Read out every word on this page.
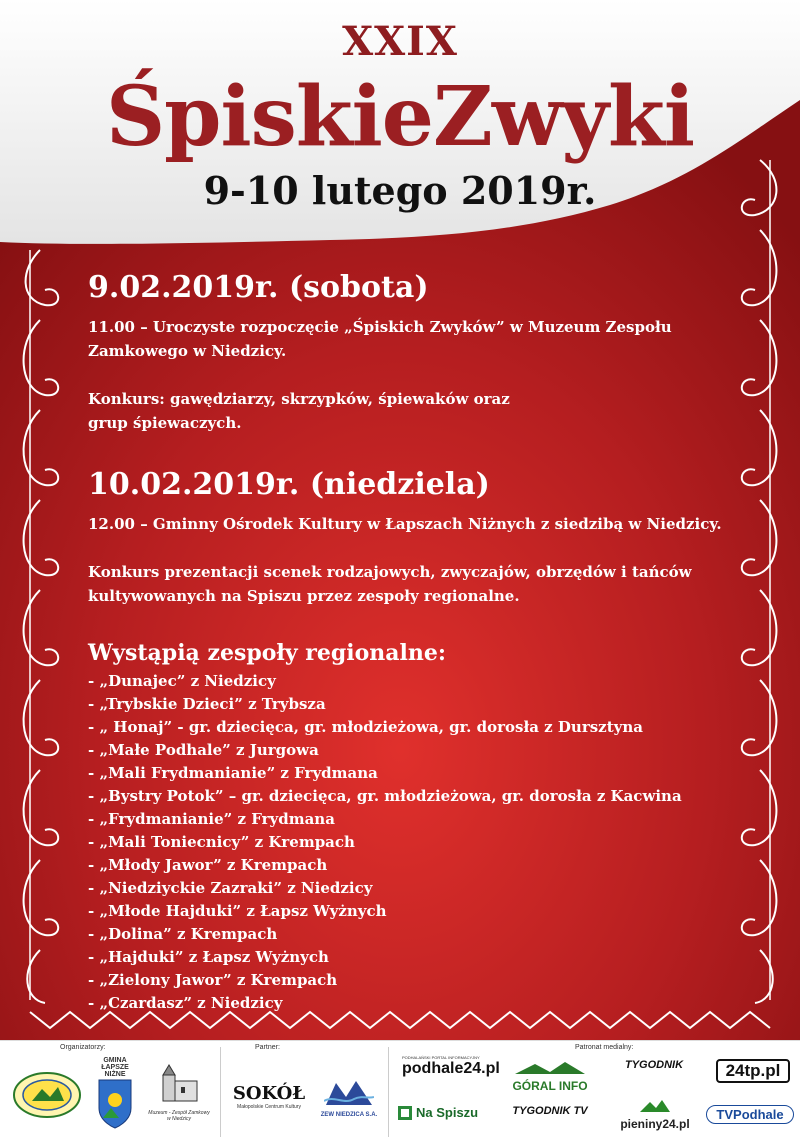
XXIX
ŚpiskieZwyki
9-10 lutego 2019r.
9.02.2019r. (sobota)

11.00 – Uroczyste rozpoczęcie „Śpiskich Zwyków” w Muzeum Zespołu

Zamkowego w Niedzicy.

Konkurs: gawędziarzy, skrzypków, śpiewaków oraz

grup śpiewaczych.

10.02.2019r. (niedziela)

12.00 – Gminny Ośrodek Kultury w Łapszach Niżnych z siedzibą w Niedzicy.

Konkurs prezentacji scenek rodzajowych, zwyczajów, obrzędów i tańców

kultywowanych na Spiszu przez zespoły regionalne.

Wystąpią zespoły regionalne:
- „Dunajec” z Niedzicy
- „Trybskie Dzieci” z Trybsza
- „ Honaj” - gr. dziecięca, gr. młodzieżowa, gr. dorosła z Dursztyna
- „Małe Podhale” z Jurgowa
- „Mali Frydmanianie” z Frydmana
- „Bystry Potok” – gr. dziecięca, gr. młodzieżowa, gr. dorosła z Kacwina
- „Frydmanianie” z Frydmana
- „Mali Toniecnicy” z Krempach
- „Młody Jawor” z Krempach
- „Niedziyckie Zazraki” z Niedzicy
- „Młode Hajduki” z Łapsz Wyżnych
- „Dolina” z Krempach
- „Hajduki” z Łapsz Wyżnych
- „Zielony Jawor” z Krempach
- „Czardasz” z Niedzicy
Organizatorzy:	Partner:	Patronat medialny:
GMINA
ŁAPSZE NIŻNE
Muzeum - Zespół Zamkowy
w Niedzicy
SOKÓŁ
Małopolskie Centrum Kultury
ZEW NIEDZICA S.A.
PODHALAŃSKI PORTAL INFORMACYJNY
podhale24.pl
Na Spiszu
GÓRAL INFO
TYGODNIK TV
TYGODNIK
pieniny24.pl
24tp.pl
TVPodhale
